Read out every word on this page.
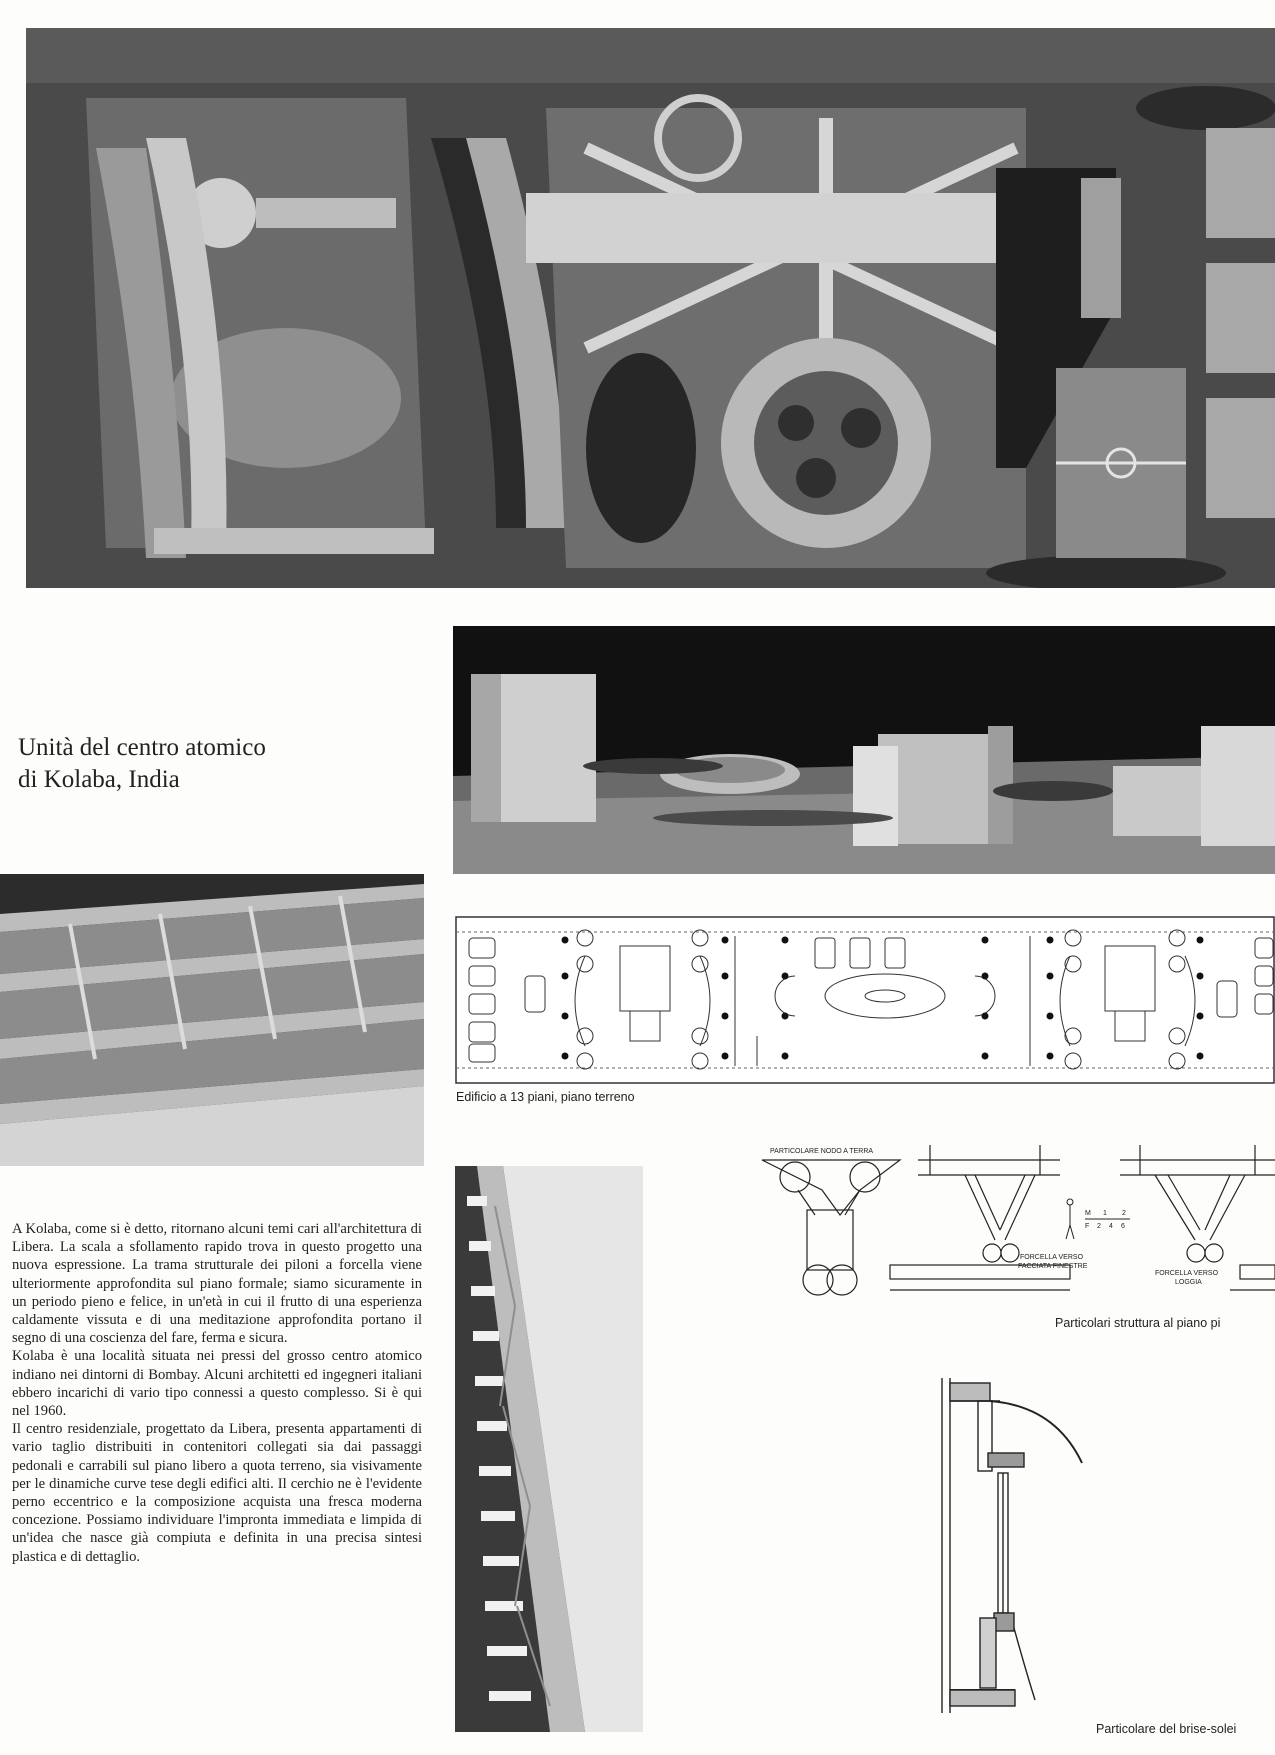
Unità del centro atomico
di Kolaba, India
Edificio a 13 piani, piano terreno

A Kolaba, come si è detto, ritornano alcuni temi cari all'architettura di Libera. La scala a sfollamento rapido trova in questo progetto una nuova espressione. La trama strutturale dei piloni a forcella viene ulteriormente approfondita sul piano formale; siamo sicuramente in un periodo pieno e felice, in un'età in cui il frutto di una esperienza caldamente vissuta e di una meditazione approfondita portano il segno di una coscienza del fare, ferma e sicura.

Kolaba è una località situata nei pressi del grosso centro atomico indiano nei dintorni di Bombay. Alcuni architetti ed ingegneri italiani ebbero incarichi di vario tipo connessi a questo complesso. Si è qui nel 1960.

Il centro residenziale, progettato da Libera, presenta appartamenti di vario taglio distribuiti in contenitori collegati sia dai passaggi pedonali e carrabili sul piano libero a quota terreno, sia visivamente per le dinamiche curve tese degli edifici alti. Il cerchio ne è l'evidente perno eccentrico e la composizione acquista una fresca moderna concezione. Possiamo individuare l'impronta immediata e limpida di un'idea che nasce già compiuta e definita in una precisa sintesi plastica e di dettaglio.

PARTICOLARE NODO A TERRA
FORCELLA VERSO
FACCIATA FINESTRE
M 1 2
F 2 4 6
FORCELLA VERSO
LOGGIA
Particolari struttura al piano pi
Particolare del brise-solei
